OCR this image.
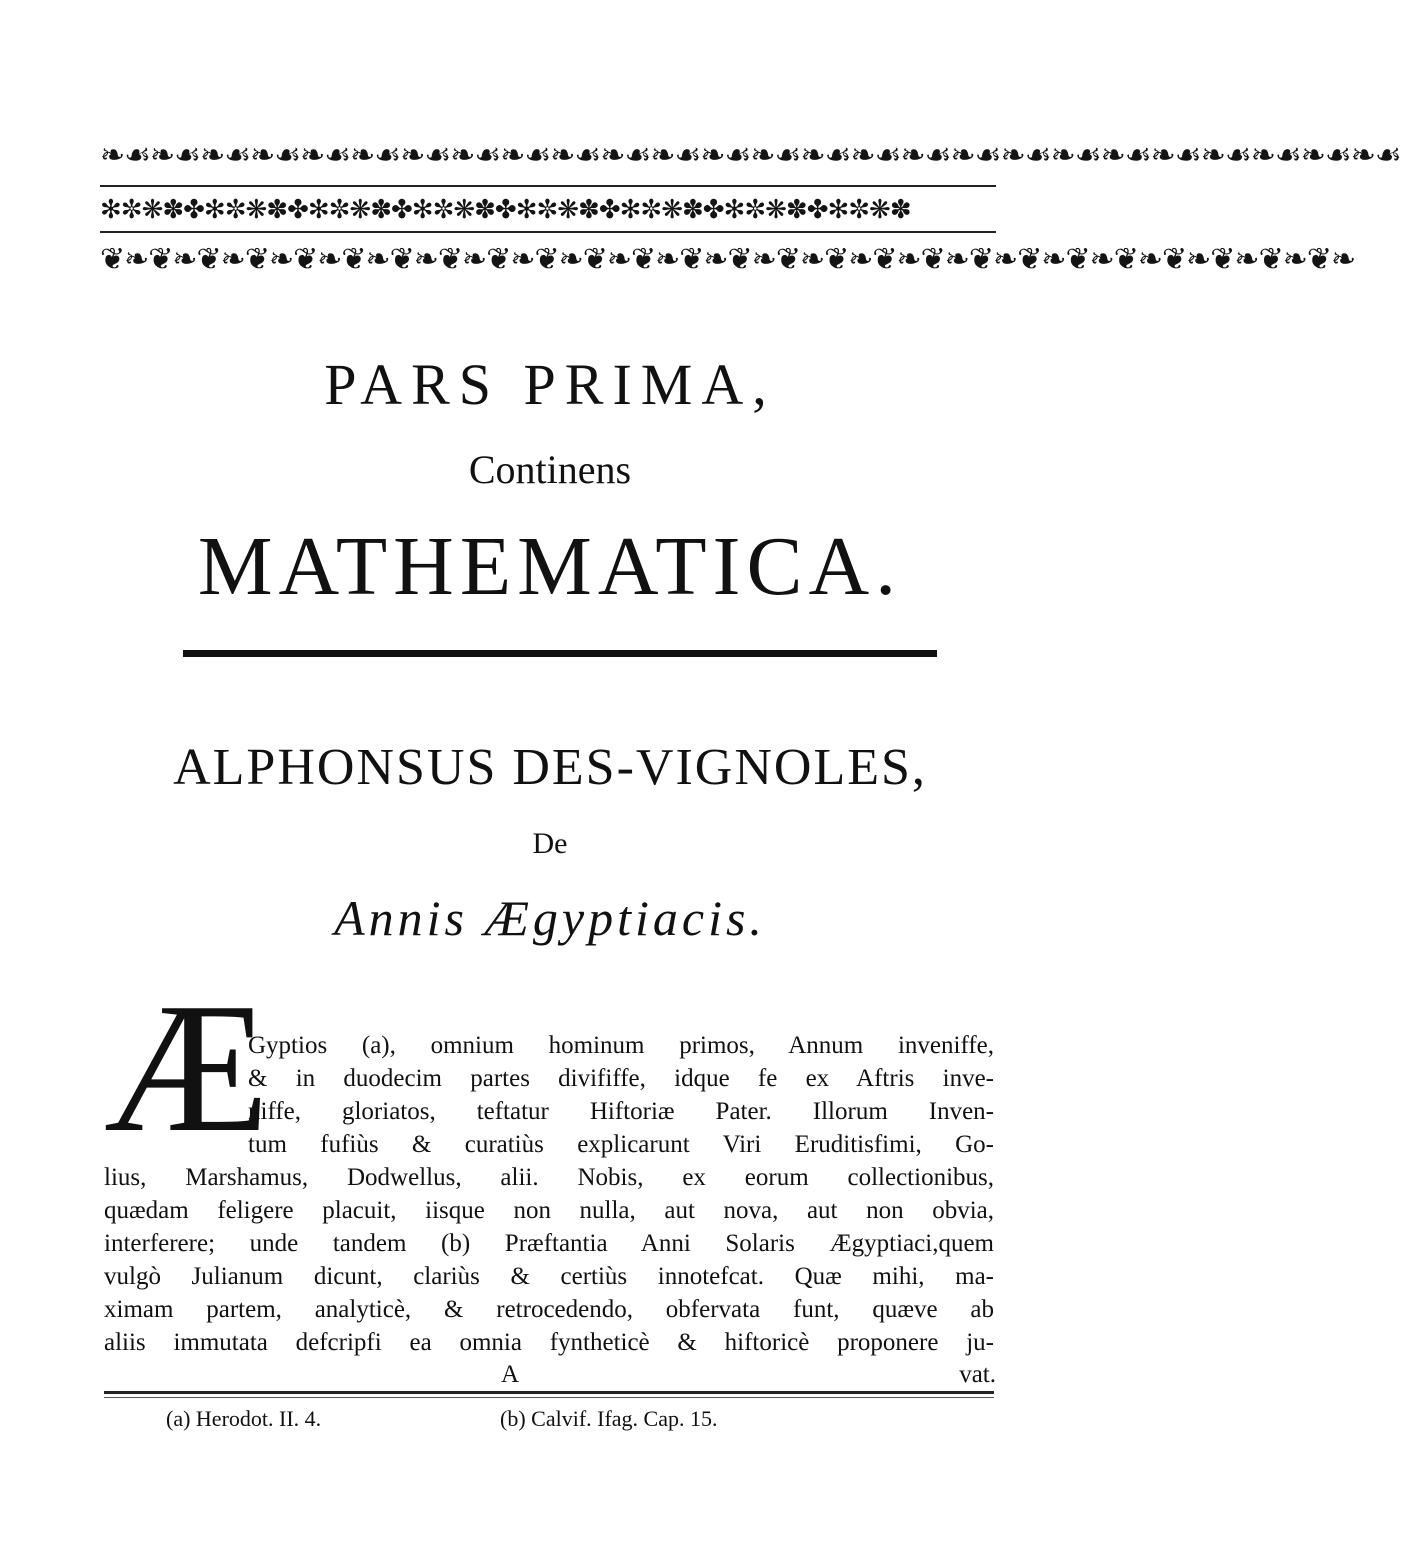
❧☙❧☙❧☙❧☙❧☙❧☙❧☙❧☙❧☙❧☙❧☙❧☙❧☙❧☙❧☙❧☙❧☙❧☙❧☙❧☙❧☙❧☙❧☙❧☙❧☙❧☙
✻✼❋✽✤✻✼❋✽✤✻✼❋✽✤✻✼❋✽✤✻✼❋✽✤✻✼❋✽✤✻✼❋✽✤✻✼❋✽
❦❧❦❧❦❧❦❧❦❧❦❧❦❧❦❧❦❧❦❧❦❧❦❧❦❧❦❧❦❧❦❧❦❧❦❧❦❧❦❧❦❧❦❧❦❧❦❧❦❧❦❧
PARS PRIMA,
Continens
MATHEMATICA.
ALPHONSUS DES-VIGNOLES,
De
Annis Ægyptiacis.
Æ
Gyptios (a), omnium hominum primos, Annum inveniffe,
& in duodecim partes divififfe, idque fe ex Aftris inve-
niffe, gloriatos, teftatur Hiftoriæ Pater. Illorum Inven-
tum fufiùs & curatiùs explicarunt Viri Eruditisfimi, Go-
lius, Marshamus, Dodwellus, alii. Nobis, ex eorum collectionibus,
quædam feligere placuit, iisque non nulla, aut nova, aut non obvia,
interferere; unde tandem (b) Præftantia Anni Solaris Ægyptiaci,quem
vulgò Julianum dicunt, clariùs & certiùs innotefcat. Quæ mihi, ma-
ximam partem, analyticè, & retrocedendo, obfervata funt, quæve ab
aliis immutata defcripfi ea omnia fyntheticè & hiftoricè proponere ju-
A	vat.
(a) Herodot. II. 4.	(b) Calvif. Ifag. Cap. 15.
